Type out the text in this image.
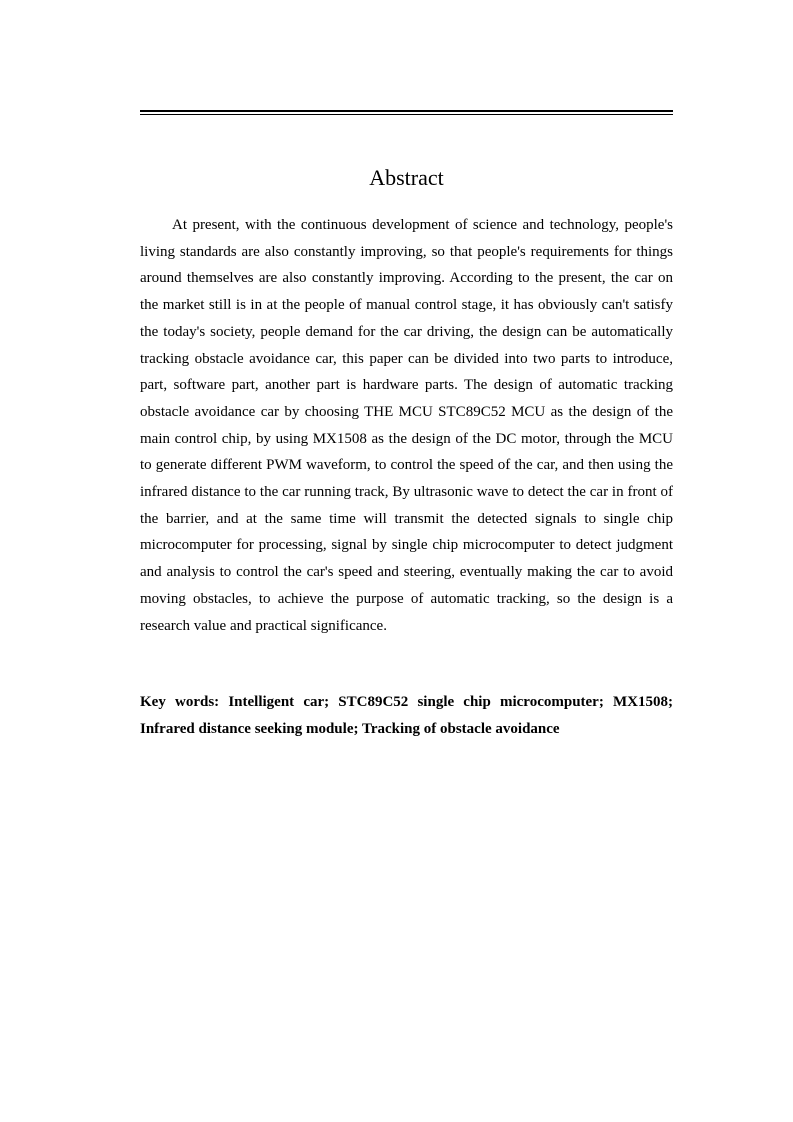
Abstract

At present, with the continuous development of science and technology, people's living standards are also constantly improving, so that people's requirements for things around themselves are also constantly improving. According to the present, the car on the market still is in at the people of manual control stage, it has obviously can't satisfy the today's society, people demand for the car driving, the design can be automatically tracking obstacle avoidance car, this paper can be divided into two parts to introduce, part, software part, another part is hardware parts. The design of automatic tracking obstacle avoidance car by choosing THE MCU STC89C52 MCU as the design of the main control chip, by using MX1508 as the design of the DC motor, through the MCU to generate different PWM waveform, to control the speed of the car, and then using the infrared distance to the car running track, By ultrasonic wave to detect the car in front of the barrier, and at the same time will transmit the detected signals to single chip microcomputer for processing, signal by single chip microcomputer to detect judgment and analysis to control the car's speed and steering, eventually making the car to avoid moving obstacles, to achieve the purpose of automatic tracking, so the design is a research value and practical significance.

Key words: Intelligent car; STC89C52 single chip microcomputer; MX1508; Infrared distance seeking module; Tracking of obstacle avoidance
